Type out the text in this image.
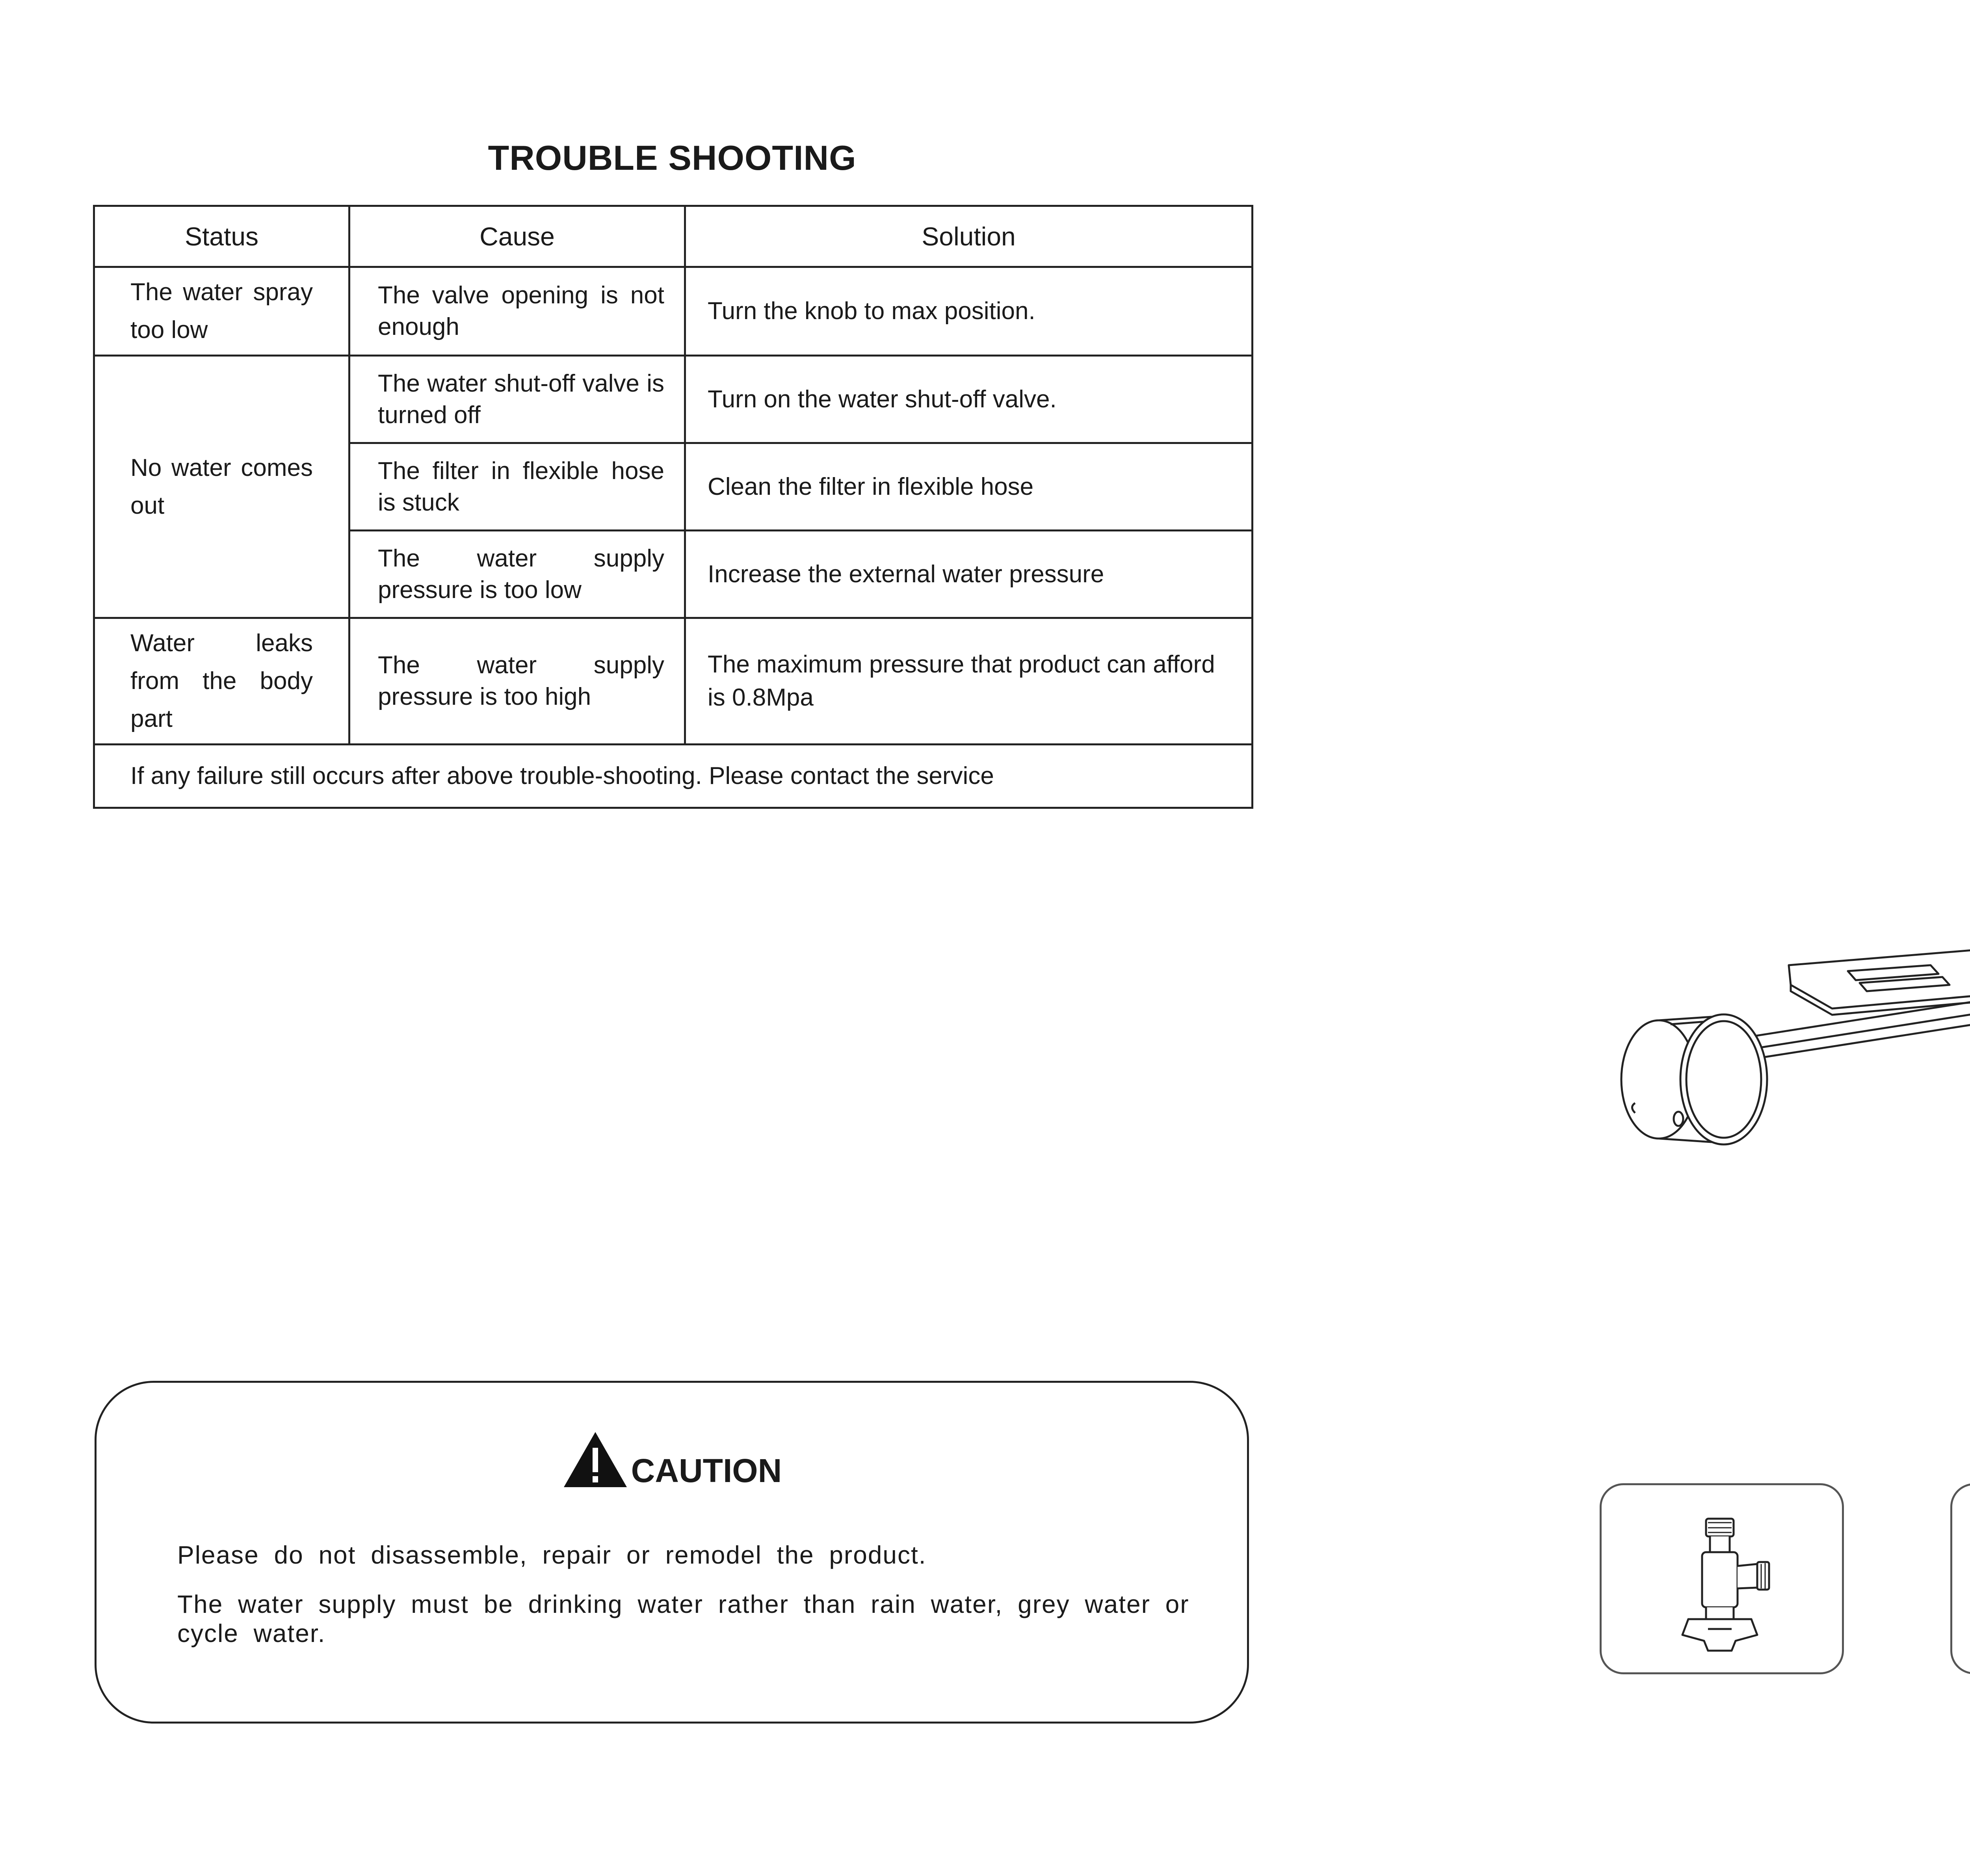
TROUBLE SHOOTING
Status	Cause	Solution
The water spray too low	The valve opening is not enough	Turn the knob to max position.
No water comes out	The water shut-off valve is turned off	Turn on the water shut-off valve.
	The filter in flexible hose is stuck	Clean the filter in flexible hose
	The water supply pressure is too low	Increase the external water pressure
Water leaks from the body part	The water supply pressure is too high	The maximum pressure that product can afford is 0.8Mpa
If any failure still occurs after above trouble-shooting. Please contact the service		
CAUTION
Please do not disassemble, repair or remodel the product.
The water supply must be drinking water rather than rain water, grey water or cycle water.
